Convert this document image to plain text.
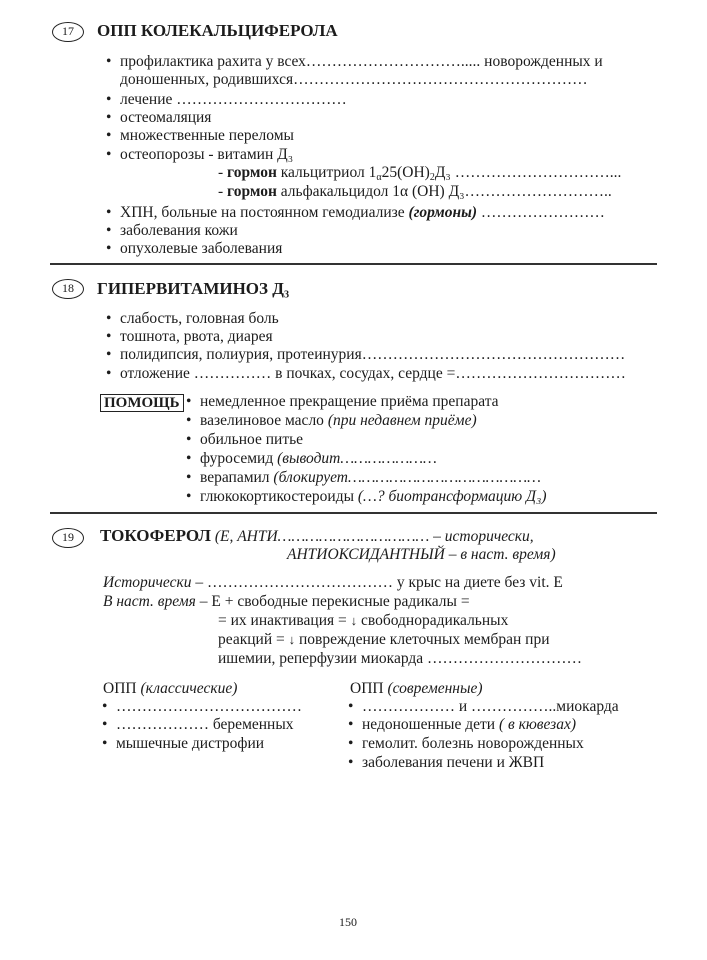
17	ОПП КОЛЕКАЛЬЦИФЕРОЛА
• профилактика рахита у всех…………………………..... новорожденных и
доношенных, родившихся…………………………………………………
• лечение ……………………………
• остеомаляция
• множественные переломы
• остеопорозы - витамин Д₃
- гормон кальцитриол $1_\alpha 25(ОН)_2Д_3$ …………………………...
- гормон альфакальцидол 1α (ОН) Д₃………………………..
• ХПН, больные на постоянном гемодиализе (гормоны) ……………………
• заболевания кожи
• опухолевые заболевания
18	ГИПЕРВИТАМИНОЗ Д₃
• слабость, головная боль
• тошнота, рвота, диарея
• полидипсия, полиурия, протеинурия……………………………………………
• отложение …………… в почках, сосудах, сердце =……………………………
ПОМОЩЬ
• немедленное прекращение приёма препарата
• вазелиновое масло (при недавнем приёме)
• обильное питье
• фуросемид (выводит…………………
• верапамил (блокирует……………………………………
• глюкокортикостероиды (…? биотрансформацию Д₃)
19	ТОКОФЕРОЛ (Е, АНТИ…………………………… – исторически,
АНТИОКСИДАНТНЫЙ – в наст. время)
Исторически – ……………………………… у крыс на диете без vit. Е
В наст. время – Е + свободные перекисные радикалы =
= их инактивация = ↓ свободнорадикальных
реакций = ↓ повреждение клеточных мембран при
ишемии, реперфузии миокарда …………………………
ОПП (классические)
• ………………………………
• ……………… беременных
• мышечные дистрофии
ОПП (современные)
• ……………… и ……………..миокарда
• недоношенные дети ( в кювезах)
• гемолит. болезнь новорожденных
• заболевания печени и ЖВП
150
